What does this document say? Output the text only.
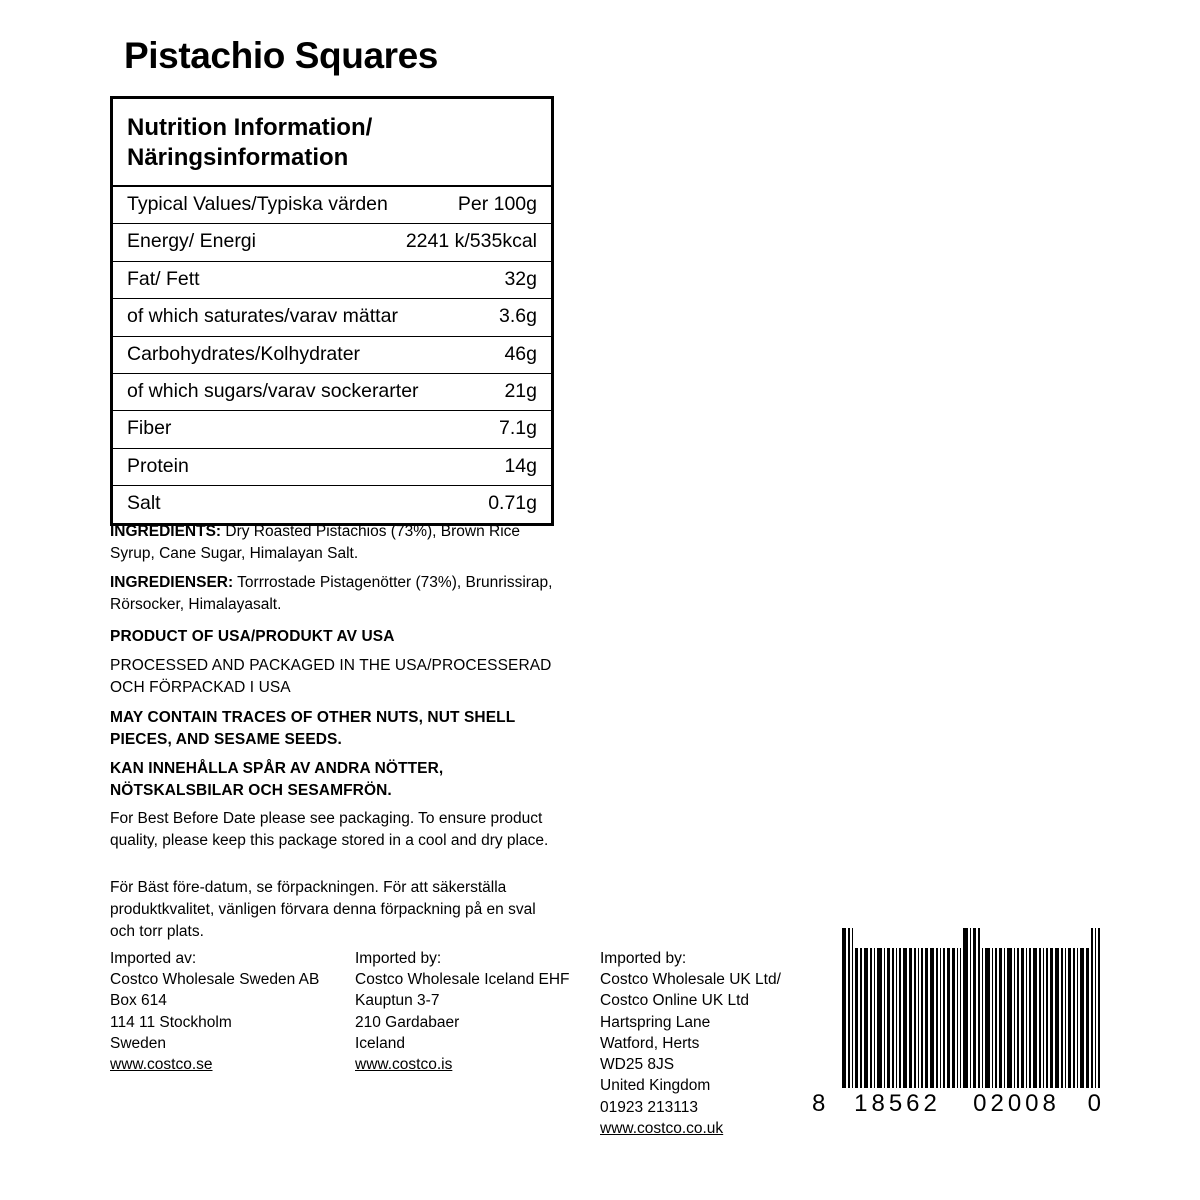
Pistachio Squares
Nutrition Information/
Näringsinformation
Typical Values/Typiska värden	Per 100g
Energy/ Energi	2241 k/535kcal
Fat/ Fett	32g
of which saturates/varav mättar	3.6g
Carbohydrates/Kolhydrater	46g
of which sugars/varav sockerarter	21g
Fiber	7.1g
Protein	14g
Salt	0.71g
INGREDIENTS: Dry Roasted Pistachios (73%), Brown Rice Syrup, Cane Sugar, Himalayan Salt.
INGREDIENSER: Torrrostade Pistagenötter (73%), Brunrissirap, Rörsocker, Himalayasalt.
PRODUCT OF USA/PRODUKT AV USA
PROCESSED AND PACKAGED IN THE USA/PROCESSERAD OCH FÖRPACKAD I USA
MAY CONTAIN TRACES OF OTHER NUTS, NUT SHELL PIECES, AND SESAME SEEDS.
KAN INNEHÅLLA SPÅR AV ANDRA NÖTTER, NÖTSKALSBILAR OCH SESAMFRÖN.
For Best Before Date please see packaging. To ensure product quality, please keep this package stored in a cool and dry place.
För Bäst före-datum, se förpackningen. För att säkerställa produktkvalitet, vänligen förvara denna förpackning på en sval och torr plats.
Imported av:
Costco Wholesale Sweden AB
Box 614
114 11 Stockholm
Sweden
www.costco.se
Imported by:
Costco Wholesale Iceland EHF
Kauptun 3-7
210 Gardabaer
Iceland
www.costco.is
Imported by:
Costco Wholesale UK Ltd/
Costco Online UK Ltd
Hartspring Lane
Watford, Herts
WD25 8JS
United Kingdom
01923 213113
www.costco.co.uk
8	18562	02008	0
